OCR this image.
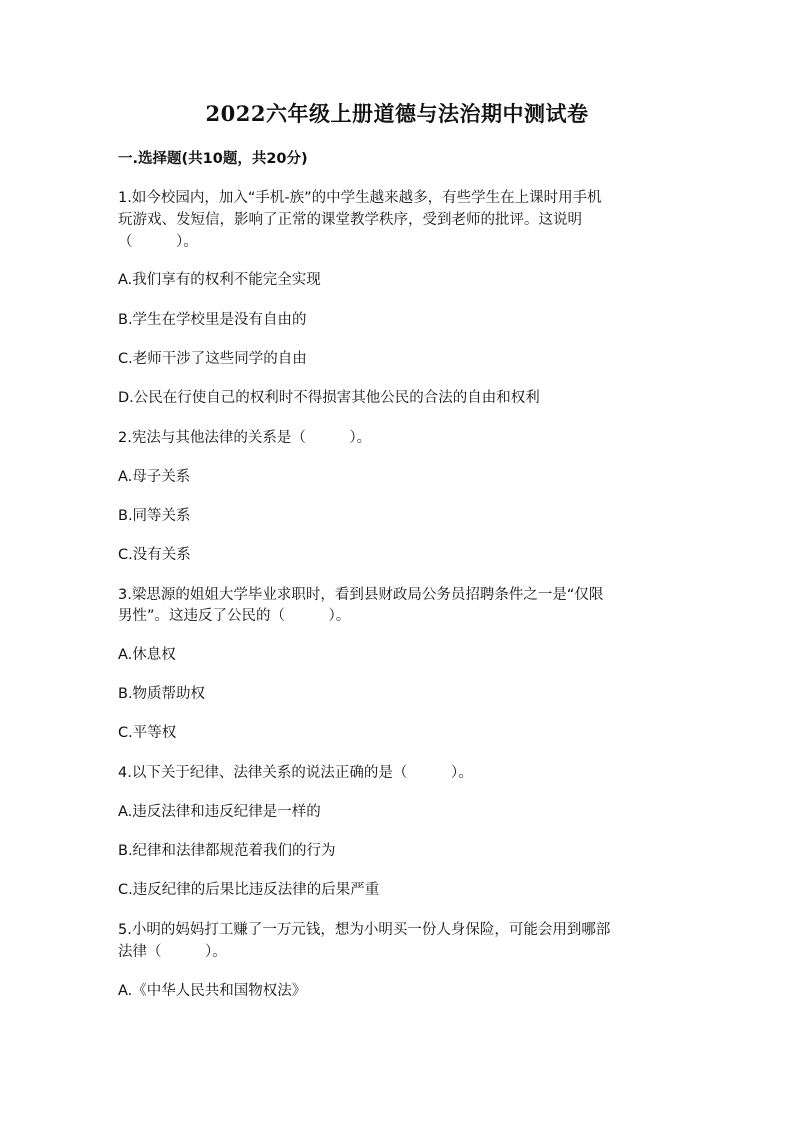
2022六年级上册道德与法治期中测试卷
一.选择题(共10题，共20分)
1.如今校园内，加入“手机-族”的中学生越来越多，有些学生在上课时用手机
玩游戏、发短信，影响了正常的课堂教学秩序，受到老师的批评。这说明
（　　　）。
A.我们享有的权利不能完全实现
B.学生在学校里是没有自由的
C.老师干涉了这些同学的自由
D.公民在行使自己的权利时不得损害其他公民的合法的自由和权利
2.宪法与其他法律的关系是（　　　）。
A.母子关系
B.同等关系
C.没有关系
3.梁思源的姐姐大学毕业求职时，看到县财政局公务员招聘条件之一是“仅限
男性”。这违反了公民的（　　　）。
A.休息权
B.物质帮助权
C.平等权
4.以下关于纪律、法律关系的说法正确的是（　　　）。
A.违反法律和违反纪律是一样的
B.纪律和法律都规范着我们的行为
C.违反纪律的后果比违反法律的后果严重
5.小明的妈妈打工赚了一万元钱，想为小明买一份人身保险，可能会用到哪部
法律（　　　）。
A.《中华人民共和国物权法》
